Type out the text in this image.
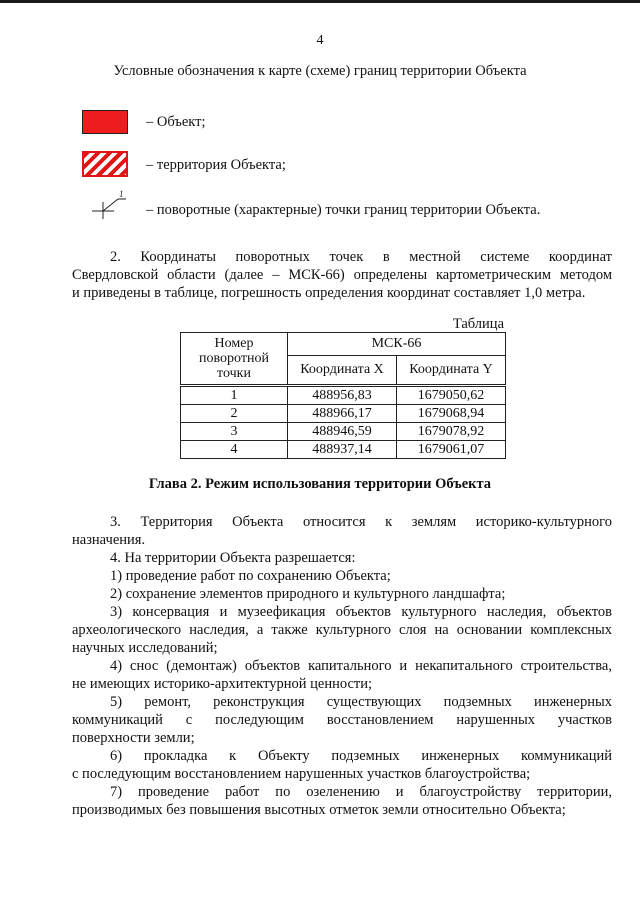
4
Условные обозначения к карте (схеме) границ территории Объекта
– Объект;
– территория Объекта;
1
– поворотные (характерные) точки границ территории Объекта.
2. Координаты поворотных точек в местной системе координат
Свердловской области (далее – МСК-66) определены картометрическим методом
и приведены в таблице, погрешность определения координат составляет 1,0 метра.
Таблица
Номер поворотной точки	МСК-66	
	Координата X	Координата Y
1	488956,83	1679050,62
2	488966,17	1679068,94
3	488946,59	1679078,92
4	488937,14	1679061,07
Глава 2. Режим использования территории Объекта
3. Территория Объекта относится к землям историко-культурного
назначения.
4. На территории Объекта разрешается:
1) проведение работ по сохранению Объекта;
2) сохранение элементов природного и культурного ландшафта;
3) консервация и музеефикация объектов культурного наследия, объектов
археологического наследия, а также культурного слоя на основании комплексных
научных исследований;
4) снос (демонтаж) объектов капитального и некапитального строительства,
не имеющих историко-архитектурной ценности;
5) ремонт, реконструкция существующих подземных инженерных
коммуникаций с последующим восстановлением нарушенных участков
поверхности земли;
6) прокладка к Объекту подземных инженерных коммуникаций
с последующим восстановлением нарушенных участков благоустройства;
7) проведение работ по озеленению и благоустройству территории,
производимых без повышения высотных отметок земли относительно Объекта;
